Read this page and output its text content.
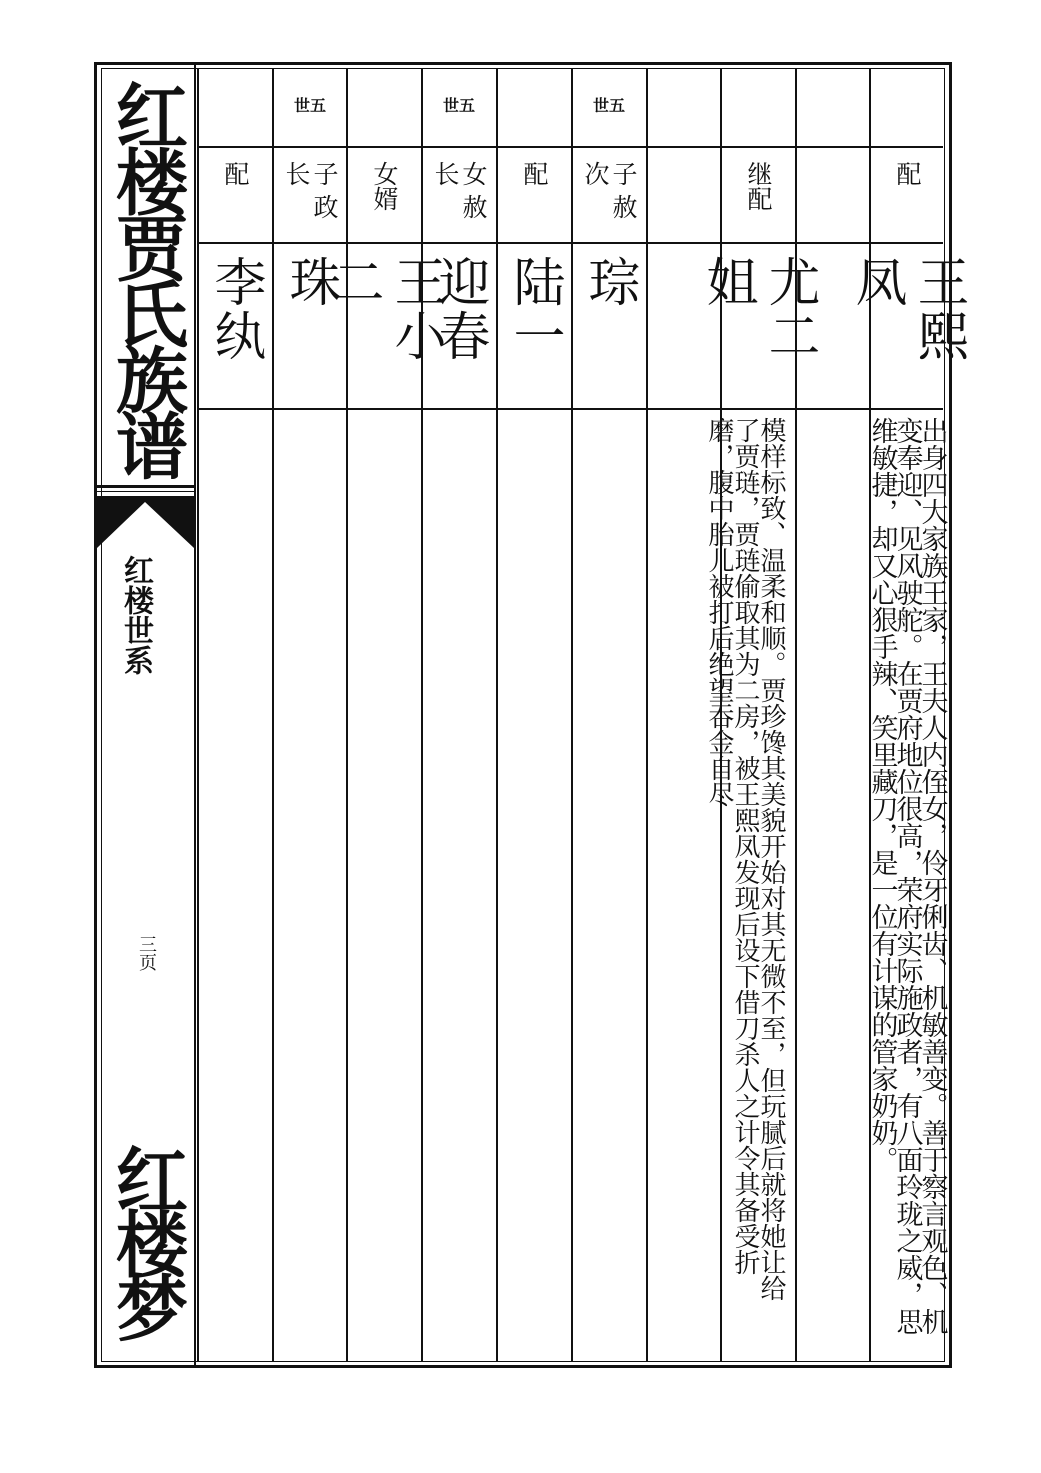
红楼贾氏族谱
红楼世系
三页
红楼梦
配
王熙凤
出身四大家族王家，王夫人内侄女，伶牙俐齿、机敏善变。善于察言观色、机变奉迎、见风驶舵。在贾府地位很高，荣府实际施政者，有八面玲珑之威，思维敏捷，却又心狠手辣、笑里藏刀，是一位有计谋的管家奶奶。
继配
尤二姐
模样标致、温柔和顺。贾珍馋其美貌开始对其无微不至，但玩腻后就将她让给了贾琏，贾琏偷取其为二房，被王熙凤发现后设下借刀杀人之计令其备受折磨，腹中胎儿被打后绝望吞金自尽
世五
子 赦次
琮
配
陆一
世五
女 赦长
迎春
女婿
王小二
世五
子 政长
珠
配
李纨
